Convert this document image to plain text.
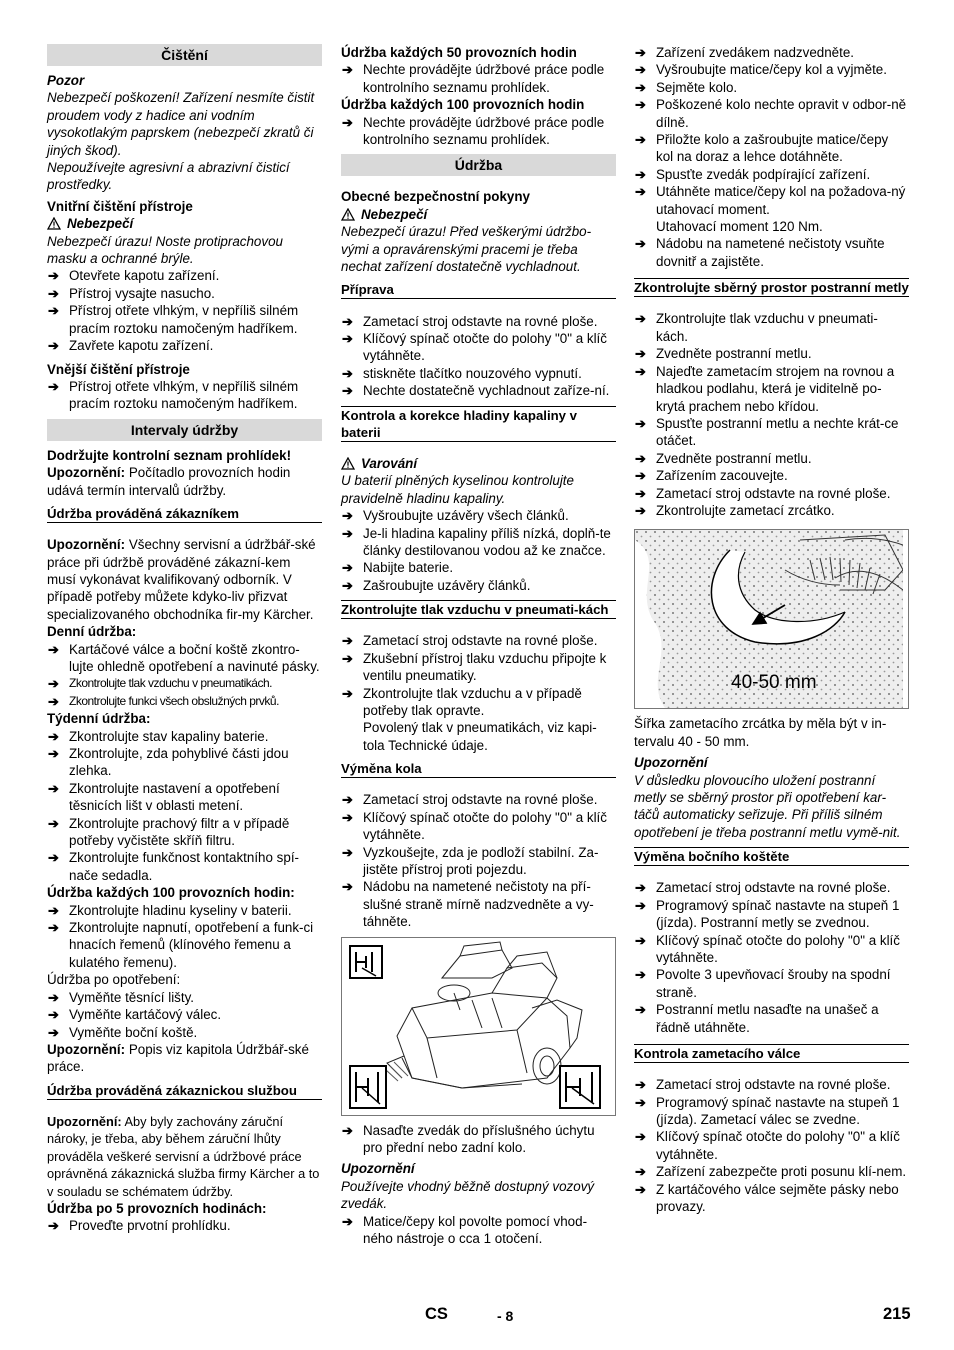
Čištění

Pozor

Nebezpečí poškození! Zařízení nesmíte čistit proudem vody z hadice ani vodním vysokotlakým paprskem (nebezpečí zkratů či jiných škod).

Nepoužívejte agresivní a abrazivní čisticí prostředky.

Vnitřní čištění přístroje

Nebezpečí

Nebezpečí úrazu! Noste protiprachovou masku a ochranné brýle.

➔ Otevřete kapotu zařízení.

➔ Přístroj vysajte nasucho.

➔ Přístroj otřete vlhkým, v nepříliš silném pracím roztoku namočeným hadříkem.

➔ Zavřete kapotu zařízení.

Vnější čištění přístroje

➔ Přístroj otřete vlhkým, v nepříliš silném pracím roztoku namočeným hadříkem.

Intervaly údržby

Dodržujte kontrolní seznam prohlídek!

Upozornění: Počítadlo provozních hodin udává termín intervalů údržby.

Údržba prováděná zákazníkem

Upozornění: Všechny servisní a údržbář-ské práce při údržbě prováděné zákazní-kem musí vykonávat kvalifikovaný odborník. V případě potřeby můžete kdyko-liv přizvat specializovaného obchodníka fir-my Kärcher.

Denní údržba:

➔ Kartáčové válce a boční koště zkontro-lujte ohledně opotřebení a navinuté pásky.

➔ Zkontrolujte tlak vzduchu v pneumatikách.

➔ Zkontrolujte funkci všech obslužných prvků.

Týdenní údržba:

➔ Zkontrolujte stav kapaliny baterie.

➔ Zkontrolujte, zda pohyblivé části jdou zlehka.

➔ Zkontrolujte nastavení a opotřebení těsnicích lišt v oblasti metení.

➔ Zkontrolujte prachový filtr a v případě potřeby vyčistěte skříň filtru.

➔ Zkontrolujte funkčnost kontaktního spí-nače sedadla.

Údržba každých 100 provozních hodin:

➔ Zkontrolujte hladinu kyseliny v baterii.

➔ Zkontrolujte napnutí, opotřebení a funk-ci hnacích řemenů (klínového řemenu a kulatého řemenu).

Údržba po opotřebení:

➔ Vyměňte těsnící lišty.

➔ Vyměňte kartáčový válec.

➔ Vyměňte boční koště.

Upozornění: Popis viz kapitola Údržbář-ské práce.

Údržba prováděná zákaznickou službou

Upozornění: Aby byly zachovány záruční nároky, je třeba, aby během záruční lhůty prováděla veškeré servisní a údržbové práce oprávněná zákaznická služba firmy Kärcher a to v souladu se schématem údržby.

Údržba po 5 provozních hodinách:

➔ Proveďte prvotní prohlídku.

Údržba každých 50 provozních hodin

➔ Nechte provádějte údržbové práce podle kontrolního seznamu prohlídek.

Údržba každých 100 provozních hodin

➔ Nechte provádějte údržbové práce podle kontrolního seznamu prohlídek.

Údržba

Obecné bezpečnostní pokyny

Nebezpečí

Nebezpečí úrazu! Před veškerými údržbo-vými a opravárenskými pracemi je třeba nechat zařízení dostatečně vychladnout.

Příprava

➔ Zametací stroj odstavte na rovné ploše.

➔ Klíčový spínač otočte do polohy "0" a klíč vytáhněte.

➔ stiskněte tlačítko nouzového vypnutí.

➔ Nechte dostatečně vychladnout zaříze-ní.

Kontrola a korekce hladiny kapaliny v baterii

Varování

U baterií plněných kyselinou kontrolujte pravidelně hladinu kapaliny.

➔ Vyšroubujte uzávěry všech článků.

➔ Je-li hladina kapaliny příliš nízká, doplň-te články destilovanou vodou až ke značce.

➔ Nabijte baterie.

➔ Zašroubujte uzávěry článků.

Zkontrolujte tlak vzduchu v pneumati-kách

➔ Zametací stroj odstavte na rovné ploše.

➔ Zkušební přístroj tlaku vzduchu připojte k ventilu pneumatiky.

➔ Zkontrolujte tlak vzduchu a v případě potřeby tlak opravte.

Povolený tlak v pneumatikách, viz kapi-tola Technické údaje.

Výměna kola

➔ Zametací stroj odstavte na rovné ploše.

➔ Klíčový spínač otočte do polohy "0" a klíč vytáhněte.

➔ Vyzkoušejte, zda je podloží stabilní. Za-jistěte přístroj proti pojezdu.

➔ Nádobu na nametené nečistoty na pří-slušné straně mírně nadzvedněte a vy-táhněte.

➔ Nasaďte zvedák do příslušného úchytu pro přední nebo zadní kolo.

Upozornění

Používejte vhodný běžně dostupný vozový zvedák.

➔ Matice/čepy kol povolte pomocí vhod-ného nástroje o cca 1 otočení.

➔ Zařízení zvedákem nadzvedněte.

➔ Vyšroubujte matice/čepy kol a vyjměte.

➔ Sejměte kolo.

➔ Poškozené kolo nechte opravit v odbor-ně dílně.

➔ Přiložte kolo a zašroubujte matice/čepy kol na doraz a lehce dotáhněte.

➔ Spusťte zvedák podpírající zařízení.

➔ Utáhněte matice/čepy kol na požadova-ný utahovací moment.

Utahovací moment 120 Nm.

➔ Nádobu na nametené nečistoty vsuňte dovnitř a zajistěte.

Zkontrolujte sběrný prostor postranní metly

➔ Zkontrolujte tlak vzduchu v pneumati-kách.

➔ Zvedněte postranní metlu.

➔ Najeďte zametacím strojem na rovnou a hladkou podlahu, která je viditelně po-krytá prachem nebo křídou.

➔ Spusťte postranní metlu a nechte krát-ce otáčet.

➔ Zvedněte postranní metlu.

➔ Zařízením zacouvejte.

➔ Zametací stroj odstavte na rovné ploše.

➔ Zkontrolujte zametací zrcátko.

40-50 mm

Šířka zametacího zrcátka by měla být v in-tervalu 40 - 50 mm.

Upozornění

V důsledku plovoucího uložení postranní metly se sběrný prostor při opotřebení kar-táčů automaticky seřizuje. Při příliš silném opotřebení je třeba postranní metlu vymě-nit.

Výměna bočního koštěte

➔ Zametací stroj odstavte na rovné ploše.

➔ Programový spínač nastavte na stupeň 1 (jízda). Postranní metly se zvednou.

➔ Klíčový spínač otočte do polohy "0" a klíč vytáhněte.

➔ Povolte 3 upevňovací šrouby na spodní straně.

➔ Postranní metlu nasaďte na unašeč a řádně utáhněte.

Kontrola zametacího válce

➔ Zametací stroj odstavte na rovné ploše.

➔ Programový spínač nastavte na stupeň 1 (jízda). Zametací válec se zvedne.

➔ Klíčový spínač otočte do polohy "0" a klíč vytáhněte.

➔ Zařízení zabezpečte proti posunu klí-nem.

➔ Z kartáčového válce sejměte pásky nebo provazy.

CS	- 8	215
